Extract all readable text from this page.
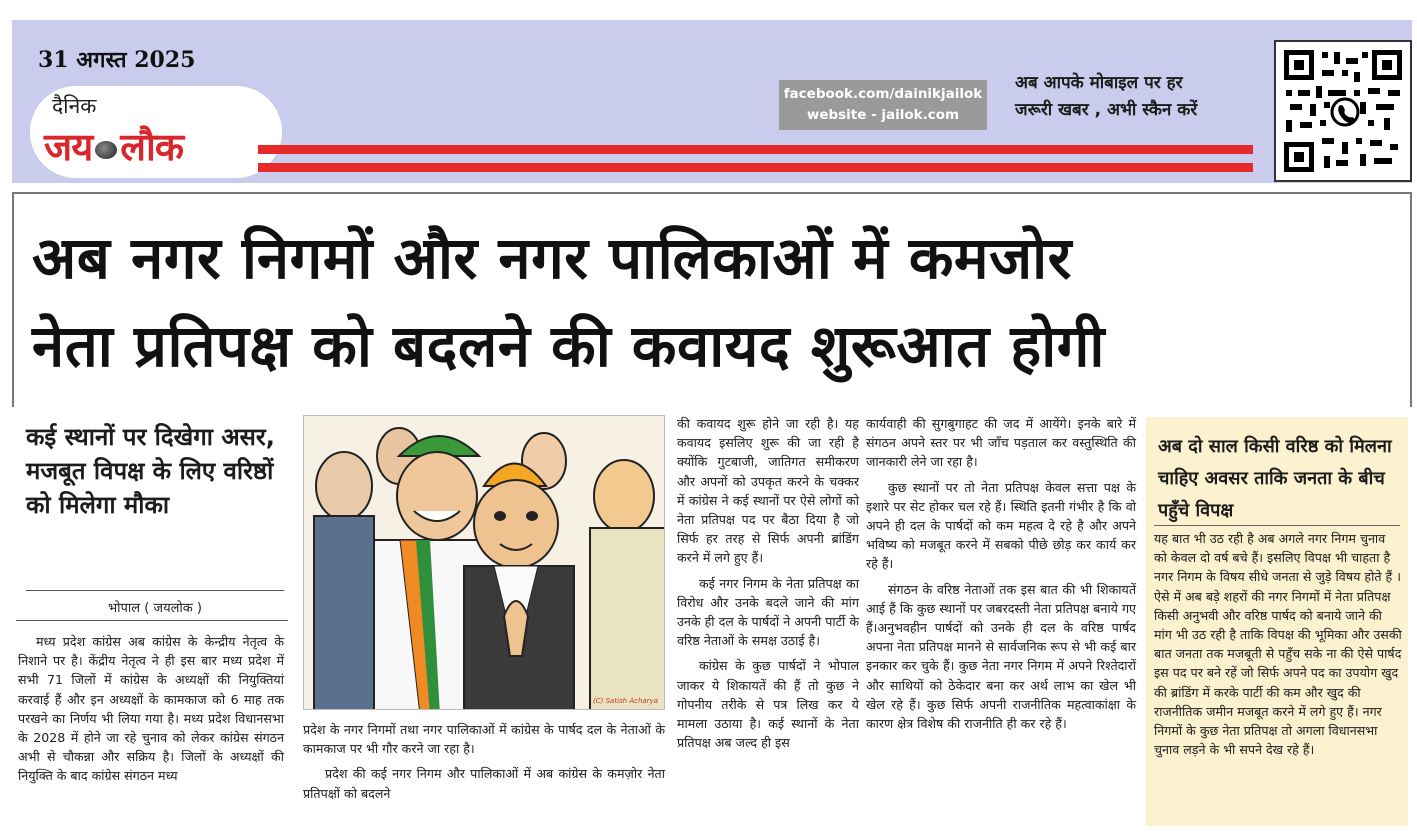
31 अगस्त 2025
दैनिक
जय लौक
facebook.com/dainikjailok
website - jailok.com
अब आपके मोबाइल पर हर
जरूरी खबर , अभी स्कैन करें
अब नगर निगमों और नगर पालिकाओं में कमजोर
नेता प्रतिपक्ष को बदलने की कवायद शुरूआत होगी
कई स्थानों पर दिखेगा असर, मजबूत विपक्ष के लिए वरिष्ठों को मिलेगा मौका
भोपाल ( जयलोक )
मध्य प्रदेश कांग्रेस अब कांग्रेस के केन्द्रीय नेतृत्व के निशाने पर है। केंद्रीय नेतृत्व ने ही इस बार मध्य प्रदेश में सभी 71 जिलों में कांग्रेस के अध्यक्षों की नियुक्तियां करवाई हैं और इन अध्यक्षों के कामकाज को 6 माह तक परखने का निर्णय भी लिया गया है। मध्य प्रदेश विधानसभा के 2028 में होने जा रहे चुनाव को लेकर कांग्रेस संगठन अभी से चौकन्ना और सक्रिय है। जिलों के अध्यक्षों की नियुक्ति के बाद कांग्रेस संगठन मध्य
(C) Satish Acharya
प्रदेश के नगर निगमों तथा नगर पालिकाओं में कांग्रेस के पार्षद दल के नेताओं के कामकाज पर भी गौर करने जा रहा है।
प्रदेश की कई नगर निगम और पालिकाओं में अब कांग्रेस के कमज़ोर नेता प्रतिपक्षों को बदलने
की कवायद शुरू होने जा रही है। यह कवायद इसलिए शुरू की जा रही है क्योंकि गुटबाजी, जातिगत समीकरण और अपनों को उपकृत करने के चक्कर में कांग्रेस ने कई स्थानों पर ऐसे लोगों को नेता प्रतिपक्ष पद पर बैठा दिया है जो सिर्फ हर तरह से सिर्फ अपनी ब्रांडिंग करने में लगे हुए हैं।
कई नगर निगम के नेता प्रतिपक्ष का विरोध और उनके बदले जाने की मांग उनके ही दल के पार्षदों ने अपनी पार्टी के वरिष्ठ नेताओं के समक्ष उठाई है।
कांग्रेस के कुछ पार्षदों ने भोपाल जाकर ये शिकायतें की हैं तो कुछ ने गोपनीय तरीके से पत्र लिख कर ये मामला उठाया है। कई स्थानों के नेता प्रतिपक्ष अब जल्द ही इस
कार्यवाही की सुगबुगाहट की जद में आयेंगे। इनके बारे में संगठन अपने स्तर पर भी जाँच पड़ताल कर वस्तुस्थिति की जानकारी लेने जा रहा है।
कुछ स्थानों पर तो नेता प्रतिपक्ष केवल सत्ता पक्ष के इशारे पर सेट होकर चल रहे हैं। स्थिति इतनी गंभीर है कि वो अपने ही दल के पार्षदों को कम महत्व दे रहे है और अपने भविष्य को मजबूत करने में सबको पीछे छोड़ कर कार्य कर रहे हैं।
संगठन के वरिष्ठ नेताओं तक इस बात की भी शिकायतें आई हैं कि कुछ स्थानों पर जबरदस्ती नेता प्रतिपक्ष बनाये गए हैं।अनुभवहीन पार्षदों को उनके ही दल के वरिष्ठ पार्षद अपना नेता प्रतिपक्ष मानने से सार्वजनिक रूप से भी कई बार इनकार कर चुके हैं। कुछ नेता नगर निगम में अपने रिश्तेदारों और साथियों को ठेकेदार बना कर अर्थ लाभ का खेल भी खेल रहे हैं। कुछ सिर्फ अपनी राजनीतिक महत्वाकांक्षा के कारण क्षेत्र विशेष की राजनीति ही कर रहे हैं।
अब दो साल किसी वरिष्ठ को मिलना चाहिए अवसर ताकि जनता के बीच पहुँचे विपक्ष
यह बात भी उठ रही है अब अगले नगर निगम चुनाव को केवल दो वर्ष बचे हैं। इसलिए विपक्ष भी चाहता है नगर निगम के विषय सीधे जनता से जुड़े विषय होते हैं । ऐसे में अब बड़े शहरों की नगर निगमों में नेता प्रतिपक्ष किसी अनुभवी और वरिष्ठ पार्षद को बनाये जाने की मांग भी उठ रही है ताकि विपक्ष की भूमिका और उसकी बात जनता तक मजबूती से पहुँच सके ना की ऐसे पार्षद इस पद पर बने रहें जो सिर्फ अपने पद का उपयोग खुद की ब्रांडिंग में करके पार्टी की कम और खुद की राजनीतिक जमीन मजबूत करने में लगे हुए हैं। नगर निगमों के कुछ नेता प्रतिपक्ष तो अगला विधानसभा चुनाव लड़ने के भी सपने देख रहे हैं।
